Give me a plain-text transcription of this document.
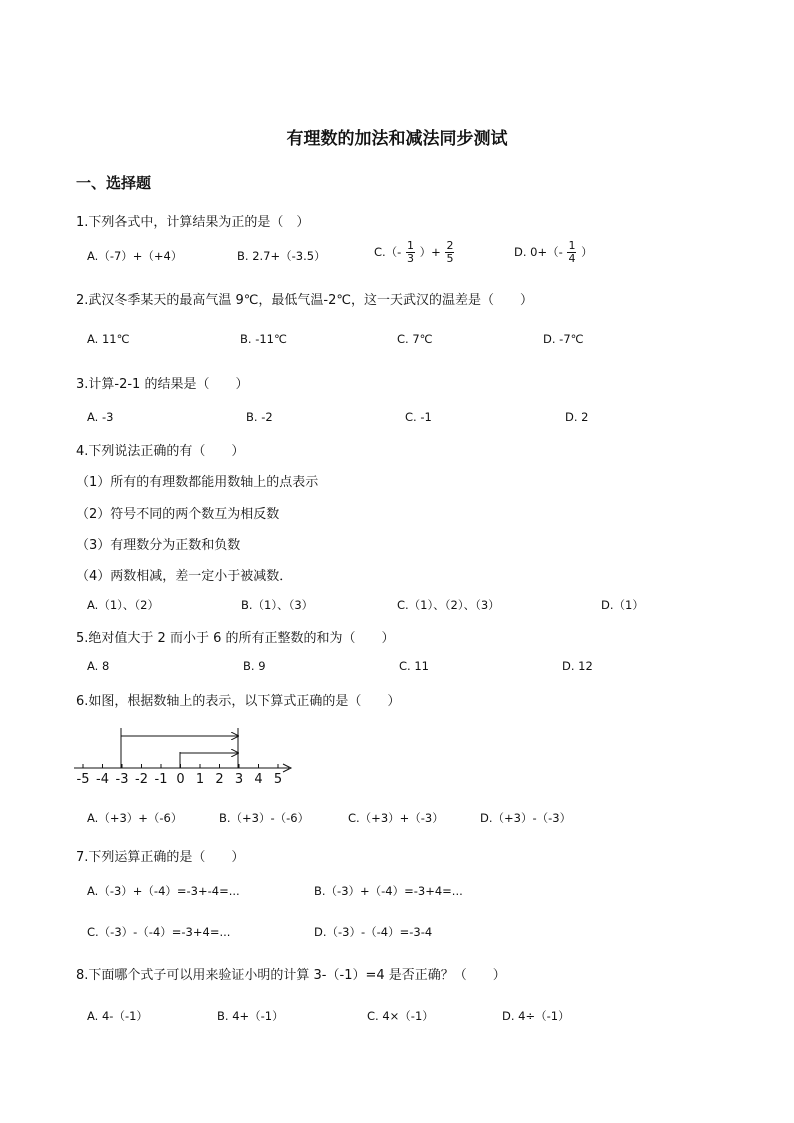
有理数的加法和减法同步测试
一、选择题
1.下列各式中，计算结果为正的是（　）
A.（-7）+（+4）	B. 2.7+（-3.5）	$C.(- \frac{1}{3}$ ）+ $\frac{2}{5}$	D. $0+(- \frac{1}{4}$ ）
2.武汉冬季某天的最高气温 9℃，最低气温-2℃，这一天武汉的温差是（　　）
A. 11℃	B. -11℃	C. 7℃	D. -7℃
3.计算-2-1 的结果是（　　）
A. -3	B. -2	C. -1	D. 2
4.下列说法正确的有（　　）
（1）所有的有理数都能用数轴上的点表示
（2）符号不同的两个数互为相反数
（3）有理数分为正数和负数
（4）两数相减，差一定小于被减数．
A.（1）、（2）	B.（1）、（3）	C.（1）、（2）、（3）	D.（1）
5.绝对值大于 2 而小于 6 的所有正整数的和为（　　）
A. 8	B. 9	C. 11	D. 12
6.如图，根据数轴上的表示，以下算式正确的是（　　）
-5 -4 -3 -2 -1 0 1 2 3 4 5
A.（+3）+（-6）	B.（+3）-（-6）	C.（+3）+（-3）	D.（+3）-（-3）
7.下列运算正确的是（　　）
A.（-3）+（-4）=-3+-4=...	B.（-3）+（-4）=-3+4=...
C.（-3）-（-4）=-3+4=...	D.（-3）-（-4）=-3-4
8.下面哪个式子可以用来验证小明的计算 3-（-1）=4 是否正确？（　　）
A. 4-（-1）	B. 4+（-1）	C. 4×（-1）	D. 4÷（-1）
